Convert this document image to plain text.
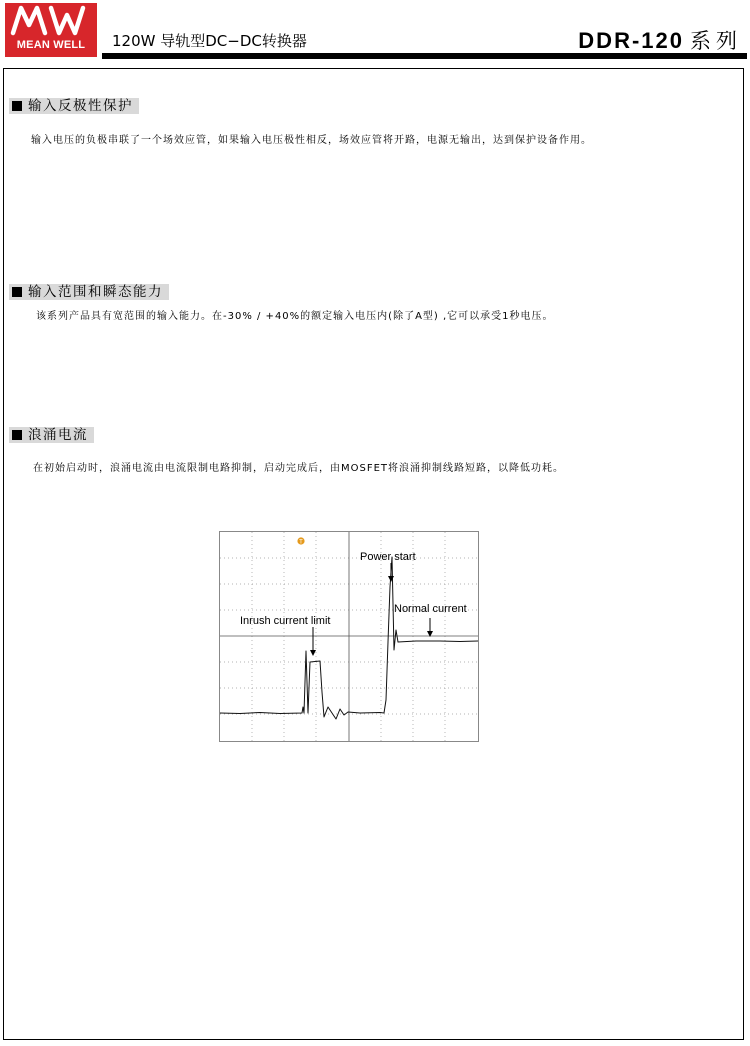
MEAN WELL	120W 导轨型DC−DC转换器	DDR-120 系列
输入反极性保护
输入电压的负极串联了一个场效应管，如果输入电压极性相反，场效应管将开路，电源无输出，达到保护设备作用。
输入范围和瞬态能力
该系列产品具有宽范围的输入能力。在-30% / +40%的额定输入电压内(除了A型) ,它可以承受1秒电压。
浪涌电流
在初始启动时，浪涌电流由电流限制电路抑制，启动完成后，由MOSFET将浪涌抑制线路短路，以降低功耗。
T
Power start
Normal current
Inrush current limit
